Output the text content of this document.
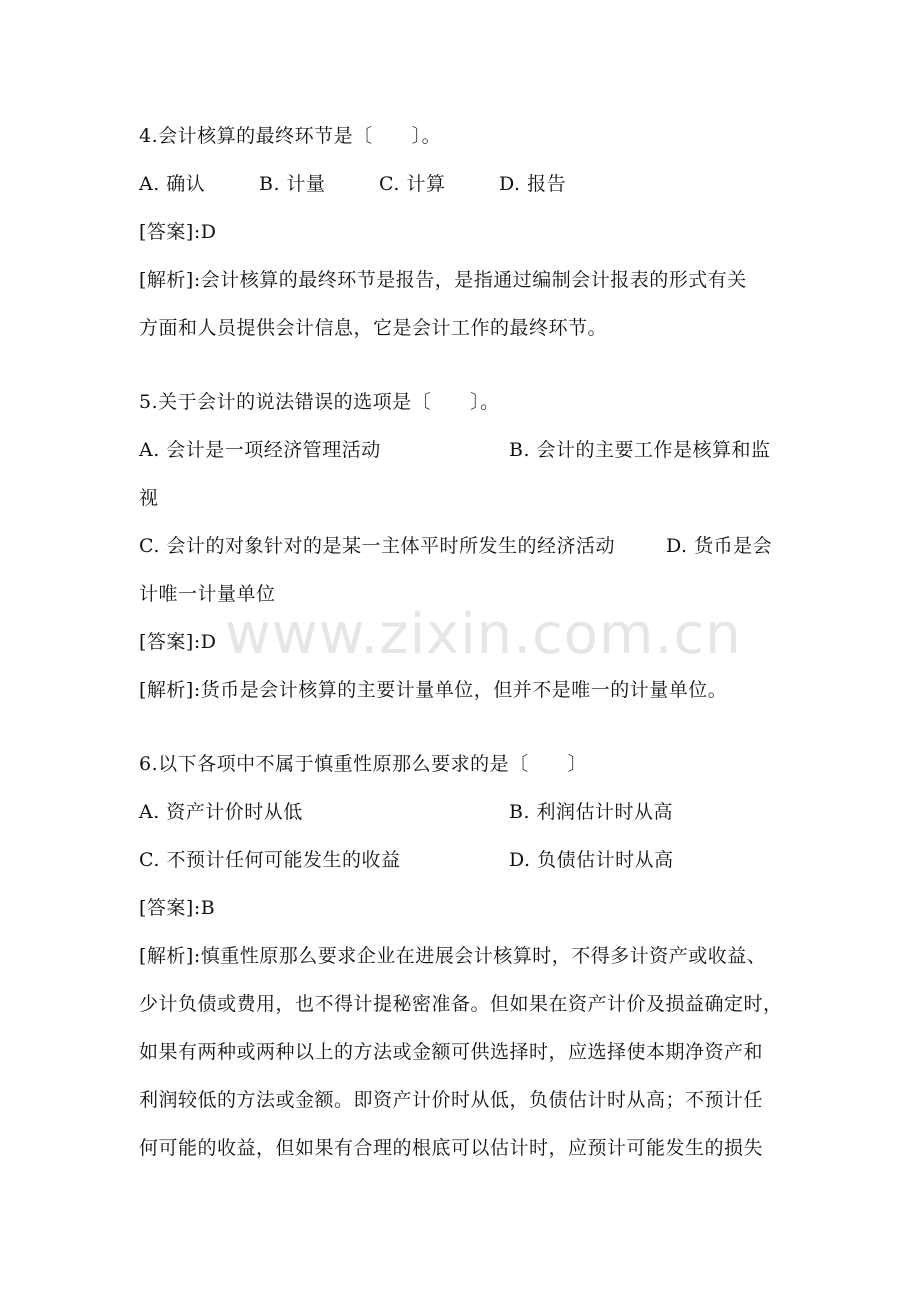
4.会计核算的最终环节是〔　　〕。
A. 确认	B. 计量	C. 计算	D. 报告
[答案]:D
[解析]:会计核算的最终环节是报告，是指通过编制会计报表的形式有关
方面和人员提供会计信息，它是会计工作的最终环节。
5.关于会计的说法错误的选项是〔　　〕。
A. 会计是一项经济管理活动	B. 会计的主要工作是核算和监
视
C. 会计的对象针对的是某一主体平时所发生的经济活动	D. 货币是会
计唯一计量单位
[答案]:D
[解析]:货币是会计核算的主要计量单位，但并不是唯一的计量单位。
6.以下各项中不属于慎重性原那么要求的是〔　　〕
A. 资产计价时从低	B. 利润估计时从高
C. 不预计任何可能发生的收益	D. 负债估计时从高
[答案]:B
[解析]:慎重性原那么要求企业在进展会计核算时，不得多计资产或收益、
少计负债或费用，也不得计提秘密准备。但如果在资产计价及损益确定时，
如果有两种或两种以上的方法或金额可供选择时，应选择使本期净资产和
利润较低的方法或金额。即资产计价时从低，负债估计时从高；不预计任
何可能的收益，但如果有合理的根底可以估计时，应预计可能发生的损失
www.zixin.com.cn
